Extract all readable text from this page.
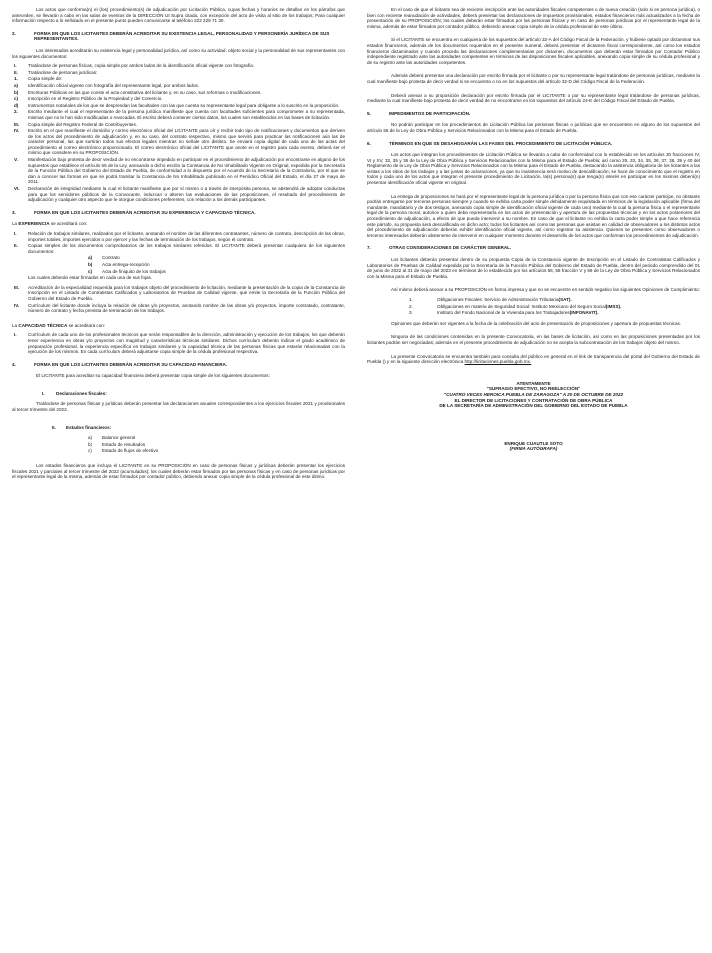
Los actos que conforma(n) el (los) procedimiento(s) de adjudicación por Licitación Pública, cuyas fechas y horarios se detallan en los párrafos que anteceden, se llevarán a cabo en las salas de eventos de la DIRECCIÓN Ut Supra citada, con excepción del acto de visita al sitio de los trabajos; Para cualquier información respecto a lo señalado en el presente punto pueden comunicarse al teléfono 222 229 71 30.

2.	FORMA EN QUE LOS LICITANTES DEBERÁN ACREDITAR SU EXISTENCIA LEGAL, PERSONALIDAD Y PERSONERÍA JURÍDICA DE SUS REPRESENTANTES.

Los interesados acreditarán su existencia legal y personalidad jurídica, así como su actividad, objeto social y la personalidad de sus representantes con los siguientes documentos:

I.	Tratándose de personas físicas, copia simple por ambos lados de la identificación oficial vigente con fotografía.
II.	Tratándose de personas jurídicas:
1.	Copia simple de:
a)	Identificación oficial vigente con fotografía del representante legal, por ambos lados.
b)	Escrituras Públicas en las que conste el acta constitutiva del licitante y, en su caso, sus reformas o modificaciones.
c)	Inscripción en el Registro Público de la Propiedad y del Comercio.
d)	Instrumentos notariales de los que se desprendan las facultades con las que cuenta su representante legal para obligarse a lo suscrito en la proposición.
2.	Escrito mediante el cual el representante de la persona jurídica manifieste que cuenta con facultades suficientes para comprometer a su representada, mismas que no le han sido modificadas o revocadas. El escrito deberá contener ciertos datos, los cuales son establecidos en las bases de licitación.
III.	Copia simple del Registro Federal de Contribuyentes.
IV.	Escrito en el que manifieste el domicilio y correo electrónico oficial del LICITANTE para oír y recibir todo tipo de notificaciones y documentos que deriven de los actos del procedimiento de adjudicación y, en su caso, del contrato respectivo, mismo que servirá para practicar las notificaciones aún las de carácter personal, las que surtirán todos sus efectos legales mientras no señale otro distinto. Se enviará copia digital de cada una de las actas del procedimiento al correo electrónico proporcionado. El correo electrónico oficial del LICITANTE que anote en el registro para cada evento, deberá ser el mismo que considere en su PROPOSICIÓN.
V.	Manifestación bajo protesta de decir verdad de no encontrarse impedido en participar en el procedimiento de adjudicación por encontrarse en alguno de los supuestos que establece el artículo 55 de la Ley, anexando a dicho escrito la Constancia de No Inhabilitado Vigente en Original, expedida por la Secretaría de la Función Pública del Gobierno del Estado de Puebla, de conformidad a lo dispuesto por el Acuerdo de la Secretaría de la Contraloría, por el que se dan a conocer las formas en que se podrá tramitar la Constancia de No Inhabilitado publicado en el Periódico Oficial del Estado, el día 27 de mayo de 2011.
VI.	Declaración de integridad mediante la cual el licitante manifieste que por sí mismo o a través de interpósita persona, se abstendrá de adoptar conductas para que los servidores públicos de la Convocante, induzcan o alteren las evaluaciones de las proposiciones, el resultado del procedimiento de adjudicación y cualquier otro aspecto que le otorgue condiciones preferentes, con relación a los demás participantes.
3.	FORMA EN QUE LOS LICITANTES DEBERÁN ACREDITAR SU EXPERIENCIA Y CAPACIDAD TÉCNICA.

La EXPERIENCIA se acreditará con:

I.	Relación de trabajos similares, realizados por el licitante, anotando el nombre de las diferentes contratantes, número de contrato, descripción de las obras, importes totales, importes ejercidos o por ejercer y las fechas de terminación de los trabajos, según el contrato.
II.	Copias simples de los documentos comprobatorios de los trabajos similares referidos. El LICITANTE deberá presentar cualquiera de los siguientes documentos:
a)	Contrato
b)	Acta entrega-recepción
c)	Acta de finiquito de los trabajos

Los cuales deberán estar firmados en cada una de sus fojas.

III.	Acreditación de la especialidad requerida para los trabajos objeto del procedimiento de licitación, mediante la presentación de la copia de la Constancia de Inscripción en el Listado de Contratistas Calificados y Laboratorios de Pruebas de Calidad vigente, que emite la Secretaría de la Función Pública del Gobierno del Estado de Puebla.
IV.	Currículum del licitante donde incluya la relación de obras y/o proyectos, anotando nombre de las obras y/o proyectos, importe contratado, contratante, número de contrato y fecha prevista de terminación de los trabajos.

La CAPACIDAD TÉCNICA se acreditará con:

I.	Currículum de cada uno de los profesionales técnicos que serán responsables de la dirección, administración y ejecución de los trabajos, los que deberán tener experiencia en obras y/o proyectos con magnitud y características técnicas similares. Dichos currículum deberán indicar el grado académico de preparación profesional, la experiencia específica en trabajos similares y la capacidad técnica de las personas físicas que estarán relacionadas con la ejecución de los mismos. En cada currículum deberá adjuntarse copia simple de la cédula profesional respectiva.
4.	FORMA EN QUE LOS LICITANTES DEBERÁN ACREDITAR SU CAPACIDAD FINANCIERA.

El LICITANTE para acreditar su capacidad financiera deberá presentar copia simple de los siguientes documentos:

I.	Declaraciones fiscales:

Tratándose de personas físicas y jurídicas deberán presentar las declaraciones anuales correspondientes a los ejercicios fiscales 2021 y provisionales al tercer trimestre del 2022.

II.	Estados financieros:
a)	Balance general
b)	Estado de resultados
c)	Estado de flujos de efectivo

Los estados financieros que incluya el LICITANTE en su PROPOSICIÓN en caso de personas físicas y jurídicas deberán presentar los ejercicios fiscales 2021 y parciales al tercer trimestre del 2022 (acumulados); los cuales deberán estar firmados por las personas físicas y en caso de personas jurídicas por el representante legal de la misma, además de estar firmados por contador público, debiendo anexar copia simple de la cédula profesional de este último.

En el caso de que el licitante sea de reciente inscripción ante las autoridades fiscales competentes o de nueva creación (solo si es persona jurídica), o bien con reciente reanudación de actividades, deberá presentar las declaraciones de impuestos provisionales, estados financieros más actualizados a la fecha de presentación de su PROPOSICIÓN; los cuales deberán estar firmados por las personas físicas y en caso de personas jurídicas por el representante legal de la misma, además de estar firmados por contador público, debiendo anexar copia simple de la cédula profesional de este último.

Si el LICITANTE se encuentra en cualquiera de los supuestos del artículo 32-A del Código Fiscal de la Federación, y hubiese optado por dictaminar sus estados financieros, además de los documentos requeridos en el presente numeral, deberá presentar el dictamen fiscal correspondiente, así como los estados financieros dictaminados y cuando proceda las declaraciones complementarias por dictamen, documentos que deberán estar firmados por Contador Público independiente registrado ante las autoridades competentes en términos de las disposiciones fiscales aplicables, anexando copia simple de su cédula profesional y de su registro ante las autoridades competentes.

Además deberá presentar una declaración por escrito firmada por el licitante o por su representante legal tratándose de personas jurídicas, mediante la cual manifieste bajo protesta de decir verdad si se encuentra o no en los supuestos del artículo 32-D del Código Fiscal de la Federación.

Deberá anexar a su proposición declaración por escrito firmada por el LICITANTE o por su representante legal tratándose de personas jurídicas, mediante la cual manifieste bajo protesta de decir verdad de no encontrarse en los supuestos del artículo 24-E del Código Fiscal del Estado de Puebla.

5.	IMPEDIMENTOS DE PARTICIPACIÓN.

No podrán participar en los procedimientos de Licitación Pública las personas físicas o jurídicas que se encuentren en alguno de los supuestos del artículo 55 de la Ley de Obra Pública y Servicios Relacionados con la Misma para el Estado de Puebla.

6.	TÉRMINOS EN QUE SE DESAHOGARÁN LAS FASES DEL PROCEDIMIENTO DE LICITACIÓN PÚBLICA.

Los actos que integran los procedimientos de Licitación Pública se llevarán a cabo de conformidad con lo establecido en los artículos 30 fracciones IV, VI y XV, 32, 35 y 36 de la Ley de Obra Pública y Servicios Relacionados con la Misma para el Estado de Puebla; así como 25, 33, 34, 35, 36, 37, 38, 39 y 40 del Reglamento de la Ley de Obra Pública y Servicios Relacionados con la Misma para el Estado de Puebla, destacando la asistencia obligatoria de los licitantes a las visitas a los sitios de los trabajos y a las juntas de aclaraciones, ya que su inasistencia será motivo de descalificación; se hace de conocimiento que el registro en todos y cada uno de los actos que integran el presente procedimiento de Licitación, la(s) persona(s) que tenga(n) interés en participar en los mismos deberá(n) presentar identificación oficial vigente en original.

La entrega de proposiciones se hará por el representante legal de la persona jurídica o por la persona física que con ese carácter participe, no obstante podrán entregarse por terceras personas siempre y cuando se exhiba carta poder simple debidamente requisitada en términos de la legislación aplicable (firma del mandante, mandatario y de dos testigos, anexando copia simple de identificación oficial vigente de cada uno) mediante la cual la persona física o el representante legal de la persona moral, autorice a quien deba representarla en los actos de presentación y apertura de las propuestas técnicas y en los actos posteriores del procedimiento de adjudicación, a efecto de que pueda intervenir a su nombre. En caso de que el licitante no exhiba la carta poder simple a que hace referencia este párrafo, su propuesta será descalificada en dicho acto; todos los licitantes así como las personas que asistan en calidad de observadores a los distintos actos del procedimiento de adjudicación deberán exhibir identificación oficial vigente, así como registrar su asistencia. Quienes se presenten como observadores o terceros interesados deberán abstenerse de intervenir en cualquier momento durante el desarrollo de los actos que conforman los procedimientos de adjudicación.

7.	OTRAS CONSIDERACIONES DE CARÁCTER GENERAL.

Los licitantes deberán presentar dentro de su propuesta Copia de la Constancia vigente de Inscripción en el Listado de Contratistas Calificados y Laboratorios de Pruebas de Calidad expedida por la Secretaría de la Función Pública del Gobierno del Estado de Puebla, dentro del periodo comprendido del 01 de junio de 2022 al 31 de mayo del 2023 en términos de lo establecido por los artículos 56, 58 fracción V y 59 de la Ley de Obra Pública y Servicios Relacionados con la Misma para el Estado de Puebla.

Así mismo deberá anexar a su PROPOSICIÓN en forma impresa y que no se encuentre en sentido negativo las siguientes Opiniones de Cumplimiento:

1.	Obligaciones Fiscales: Servicio de Administración Tributaria (SAT).
2.	Obligaciones en materia de Seguridad Social: Instituto Mexicano del Seguro Social (IMSS).
3.	Instituto del Fondo Nacional de la Vivienda para los Trabajadores (INFONAVIT).

Opiniones que deberán ser vigentes a la fecha de la celebración del acto de presentación de proposiciones y apertura de propuestas técnicas.

Ninguna de las condiciones contenidas en la presente Convocatoria, en las bases de licitación, así como en las proposiciones presentadas por los licitantes podrán ser negociadas; además en el presente procedimiento de adjudicación no se acepta la subcontratación de los trabajos objeto del mismo.

La presente Convocatoria se encuentra también para consulta del público en general en el link de transparencia del portal del Gobierno del Estado de Puebla () y en la siguiente dirección electrónica http://licitaciones.puebla.gob.mx.

ATENTAMENTE
"SUFRAGIO EFECTIVO, NO REELECCIÓN"
"CUATRO VECES HEROICA PUEBLA DE ZARAGOZA" A 20 DE OCTUBRE DE 2022
EL DIRECTOR DE LICITACIONES Y CONTRATACIÓN DE OBRA PÚBLICA
DE LA SECRETARÍA DE ADMINISTRACIÓN DEL GOBIERNO DEL ESTADO DE PUEBLA
ENRIQUE CUAUTLE SOTO
(FIRMA AUTÓGRAFA)
